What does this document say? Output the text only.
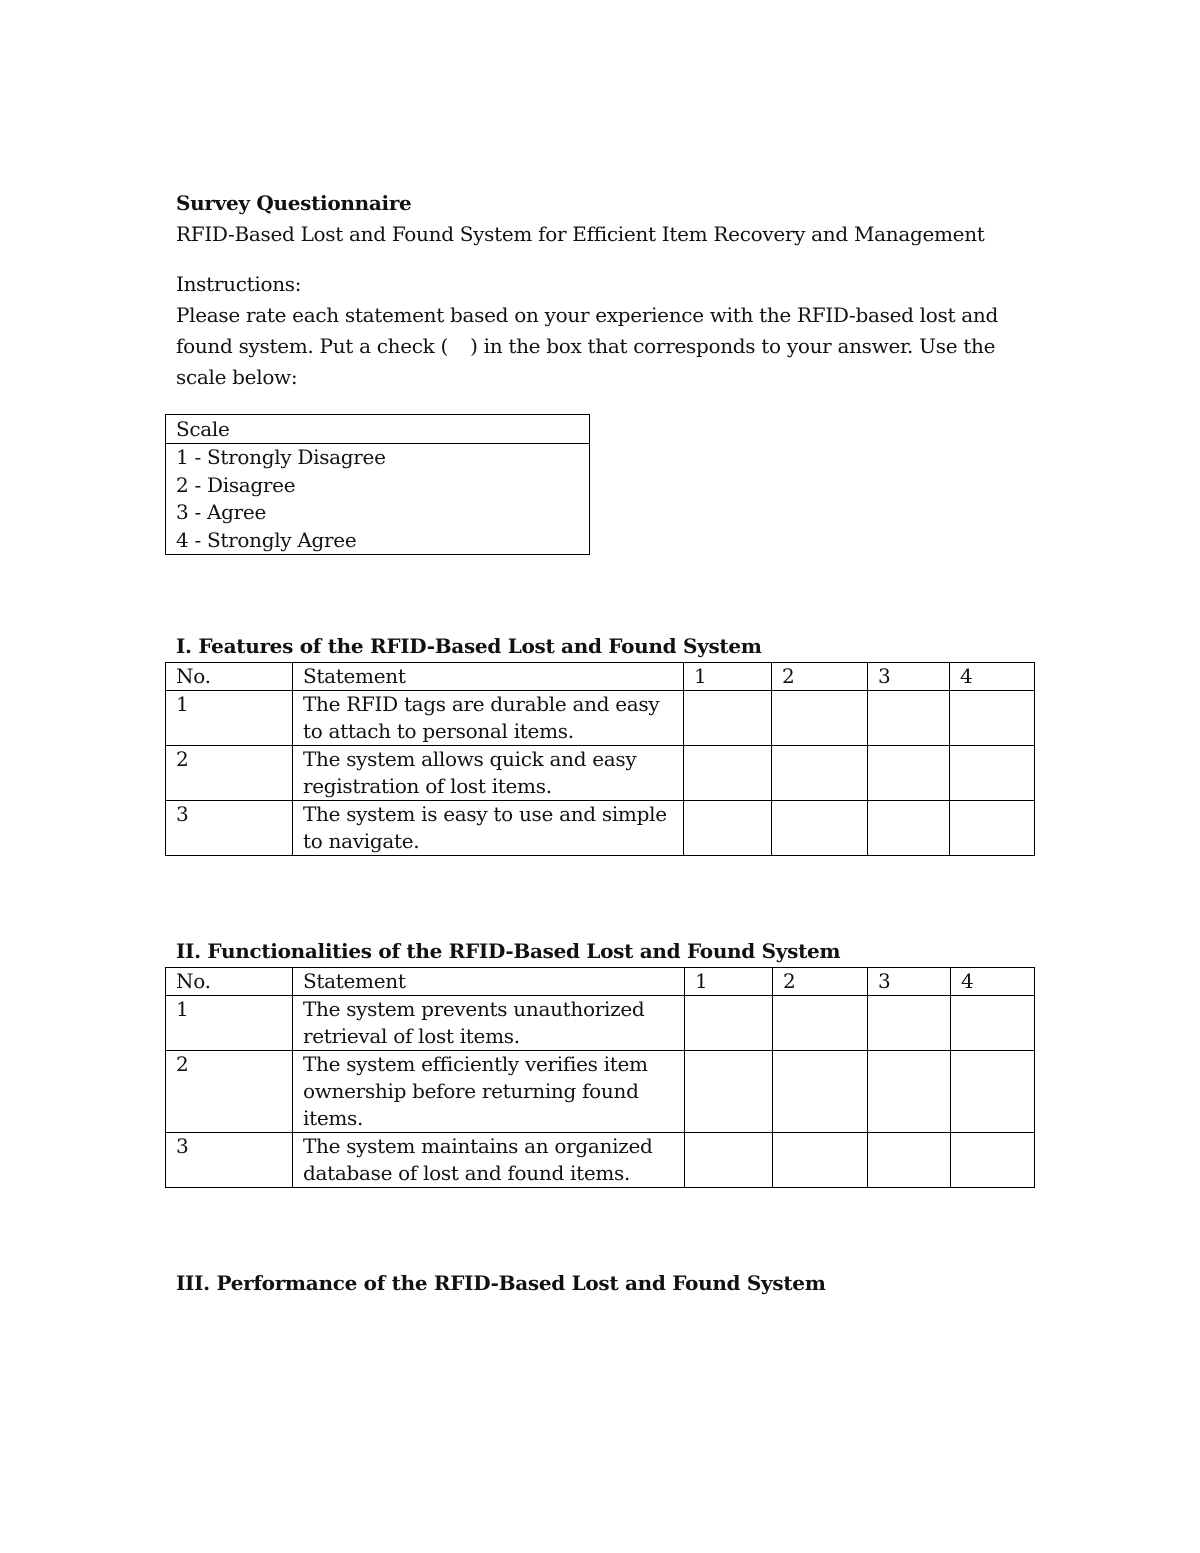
Survey Questionnaire
RFID-Based Lost and Found System for Efficient Item Recovery and Management
Instructions:
Please rate each statement based on your experience with the RFID-based lost and found system. Put a check ( ) in the box that corresponds to your answer. Use the scale below:
Scale

1 - Strongly Disagree
2 - Disagree
3 - Agree
4 - Strongly Agree
I. Features of the RFID-Based Lost and Found System
No.	Statement	1	2	3	4
1	The RFID tags are durable and easy to attach to personal items.				
2	The system allows quick and easy registration of lost items.				
3	The system is easy to use and simple to navigate.				
II. Functionalities of the RFID-Based Lost and Found System
No.	Statement	1	2	3	4
1	The system prevents unauthorized retrieval of lost items.				
2	The system efficiently verifies item ownership before returning found items.				
3	The system maintains an organized database of lost and found items.				
III. Performance of the RFID-Based Lost and Found System
